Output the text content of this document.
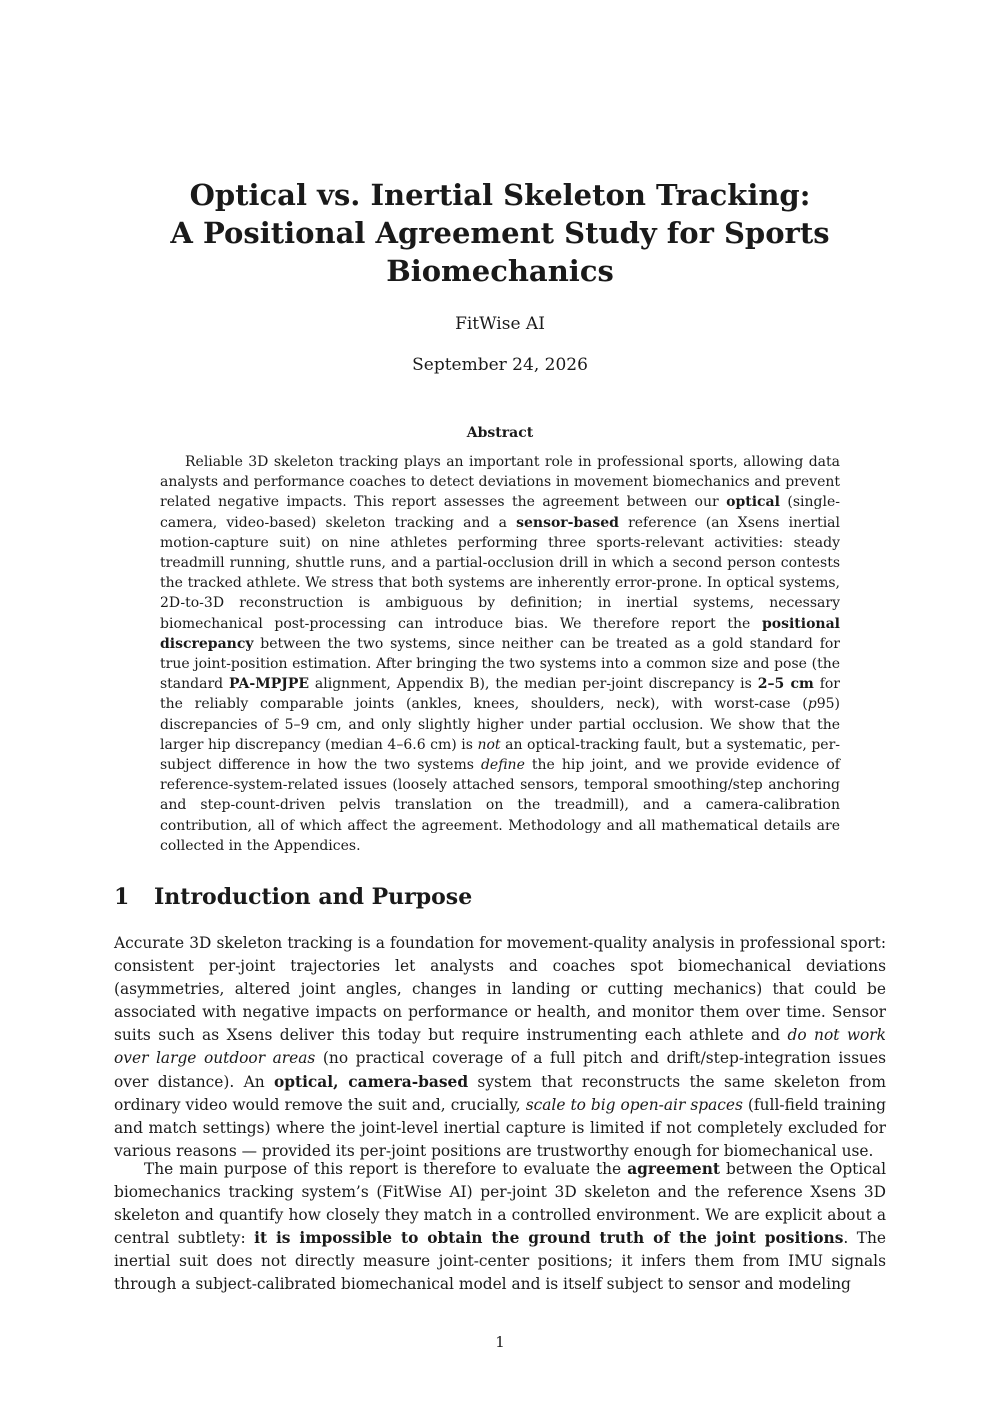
Optical vs. Inertial Skeleton Tracking:
A Positional Agreement Study for Sports
Biomechanics

FitWise AI

September 24, 2026

Abstract

Reliable 3D skeleton tracking plays an important role in professional sports, allowing data analysts and performance coaches to detect deviations in movement biomechanics and prevent related negative impacts. This report assesses the agreement between our optical (single-camera, video-based) skeleton tracking and a sensor-based reference (an Xsens inertial motion-capture suit) on nine athletes performing three sports-relevant activities: steady treadmill running, shuttle runs, and a partial-occlusion drill in which a second person contests the tracked athlete. We stress that both systems are inherently error-prone. In optical systems, 2D-to-3D reconstruction is ambiguous by definition; in inertial systems, necessary biomechanical post-processing can introduce bias. We therefore report the positional discrepancy between the two systems, since neither can be treated as a gold standard for true joint-position estimation. After bringing the two systems into a common size and pose (the standard PA-MPJPE alignment, Appendix B), the median per-joint discrepancy is 2–5 cm for the reliably comparable joints (ankles, knees, shoulders, neck), with worst-case (p95) discrepancies of 5–9 cm, and only slightly higher under partial occlusion. We show that the larger hip discrepancy (median 4–6.6 cm) is not an optical-tracking fault, but a systematic, per-subject difference in how the two systems define the hip joint, and we provide evidence of reference-system-related issues (loosely attached sensors, temporal smoothing/step anchoring and step-count-driven pelvis translation on the treadmill), and a camera-calibration contribution, all of which affect the agreement. Methodology and all mathematical details are collected in the Appendices.

1 Introduction and Purpose

Accurate 3D skeleton tracking is a foundation for movement-quality analysis in professional sport: consistent per-joint trajectories let analysts and coaches spot biomechanical deviations (asymmetries, altered joint angles, changes in landing or cutting mechanics) that could be associated with negative impacts on performance or health, and monitor them over time. Sensor suits such as Xsens deliver this today but require instrumenting each athlete and do not work over large outdoor areas (no practical coverage of a full pitch and drift/step-integration issues over distance). An optical, camera-based system that reconstructs the same skeleton from ordinary video would remove the suit and, crucially, scale to big open-air spaces (full-field training and match settings) where the joint-level inertial capture is limited if not completely excluded for various reasons — provided its per-joint positions are trustworthy enough for biomechanical use.

The main purpose of this report is therefore to evaluate the agreement between the Optical biomechanics tracking system’s (FitWise AI) per-joint 3D skeleton and the reference Xsens 3D skeleton and quantify how closely they match in a controlled environment. We are explicit about a central subtlety: it is impossible to obtain the ground truth of the joint positions. The inertial suit does not directly measure joint-center positions; it infers them from IMU signals through a subject-calibrated biomechanical model and is itself subject to sensor and modeling

1
